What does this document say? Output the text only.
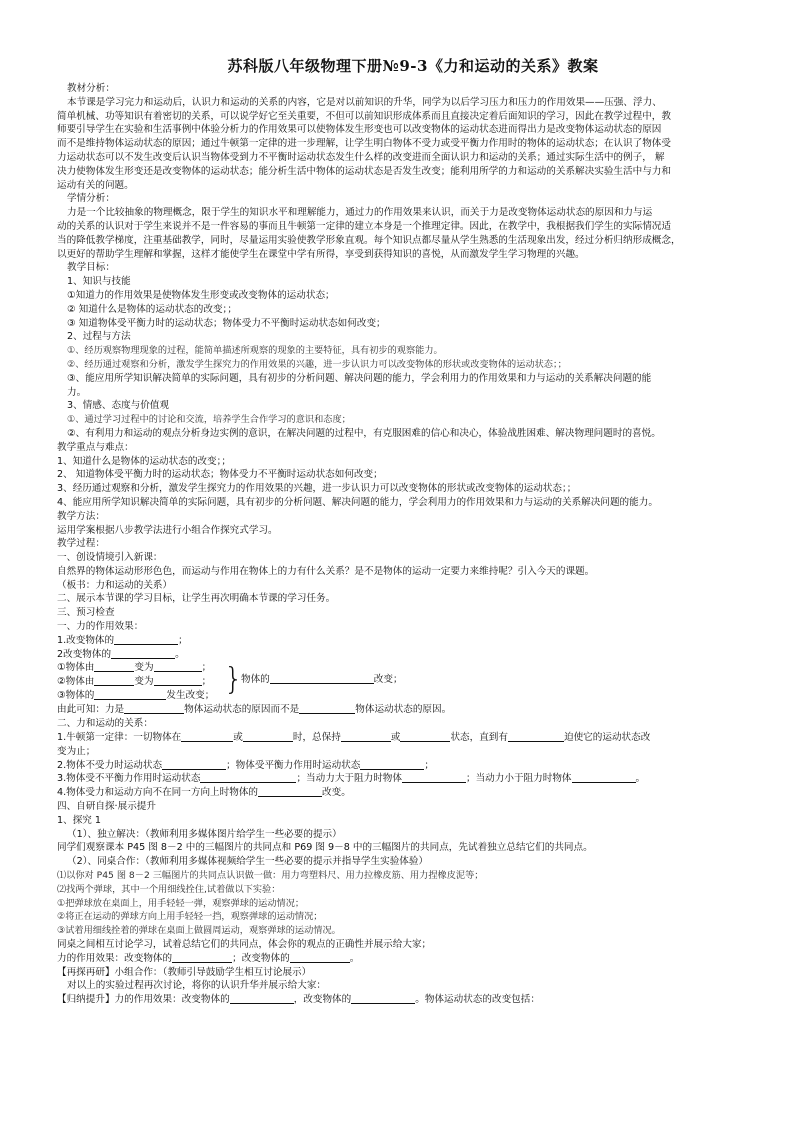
苏科版八年级物理下册№9-3《力和运动的关系》教案
教材分析：
本节课是学习完力和运动后，认识力和运动的关系的内容，它是对以前知识的升华，同学为以后学习压力和压力的作用效果——压强、浮力、
简单机械、功等知识有着密切的关系，可以说学好它至关重要，不但可以前知识形成体系而且直接决定着后面知识的学习，因此在教学过程中，教
师要引导学生在实验和生活事例中体验分析力的作用效果可以使物体发生形变也可以改变物体的运动状态进而得出力是改变物体运动状态的原因
而不是维持物体运动状态的原因；通过牛顿第一定律的进一步理解，让学生明白物体不受力或受平衡力作用时的物体的运动状态；在认识了物体受
力运动状态可以不发生改变后认识当物体受到力不平衡时运动状态发生什么样的改变进而全面认识力和运动的关系；通过实际生活中的例子， 解
决力使物体发生形变还是改变物体的运动状态；能分析生活中物体的运动状态是否发生改变；能利用所学的力和运动的关系解决实验生活中与力和
运动有关的问题。
学情分析：
力是一个比较抽象的物理概念，限于学生的知识水平和理解能力，通过力的作用效果来认识，而关于力是改变物体运动状态的原因和力与运
动的关系的认识对于学生来说并不是一件容易的事而且牛顿第一定律的建立本身是一个推理定律。因此，在教学中，我根据我们学生的实际情况适
当的降低教学梯度，注重基础教学，同时，尽量运用实验使教学形象直观。每个知识点都尽量从学生熟悉的生活现象出发，经过分析归纳形成概念，
以更好的帮助学生理解和掌握，这样才能使学生在课堂中学有所得，享受到获得知识的喜悦，从而激发学生学习物理的兴趣。
教学目标：
1、知识与技能
①知道力的作用效果是使物体发生形变或改变物体的运动状态；
② 知道什么是物体的运动状态的改变；；
③ 知道物体受平衡力时的运动状态；物体受力不平衡时运动状态如何改变；
2、过程与方法
①、经历观察物理现象的过程，能简单描述所观察的现象的主要特征，具有初步的观察能力。
②、经历通过观察和分析，激发学生探究力的作用效果的兴趣，进一步认识力可以改变物体的形状或改变物体的运动状态；；
③、能应用所学知识解决简单的实际问题，具有初步的分析问题、解决问题的能力，学会利用力的作用效果和力与运动的关系解决问题的能
力。
3、情感、态度与价值观
①、通过学习过程中的讨论和交流，培养学生合作学习的意识和态度；
②、有利用力和运动的观点分析身边实例的意识，在解决问题的过程中，有克服困难的信心和决心，体验战胜困难、解决物理问题时的喜悦。
教学重点与难点：
1、知道什么是物体的运动状态的改变；；
2、 知道物体受平衡力时的运动状态；物体受力不平衡时运动状态如何改变；
3、经历通过观察和分析，激发学生探究力的作用效果的兴趣，进一步认识力可以改变物体的形状或改变物体的运动状态；；
4、能应用所学知识解决简单的实际问题，具有初步的分析问题、解决问题的能力，学会利用力的作用效果和力与运动的关系解决问题的能力。
教学方法：
运用学案根据八步教学法进行小组合作探究式学习。
教学过程：
一、创设情境引入新课：
自然界的物体运动形形色色，而运动与作用在物体上的力有什么关系？是不是物体的运动一定要力来维持呢？引入今天的课题。
（板书：力和运动的关系）
二、展示本节课的学习目标，让学生再次明确本节课的学习任务。
三、预习检查
一、力的作用效果：
1.改变物体的	；
2改变物体的	。
①物体由	变为	；
②物体由	变为	；
③物体的	发生改变； }
物体的	改变；
由此可知：力是	物体运动状态的原因而不是	物体运动状态的原因。
二、力和运动的关系：
1.牛顿第一定律：一切物体在	或	时，总保持	或	状态，直到有	迫使它的运动状态改
变为止；
2.物体不受力时运动状态	；物体受平衡力作用时运动状态	；
3.物体受不平衡力作用时运动状态	；当动力大于阻力时物体	；当动力小于阻力时物体	。
4.物体受力和运动方向不在同一方向上时物体的	改变。
四、自研自探·展示提升
1、探究 1
（1）、独立解决：（教师利用多媒体图片给学生一些必要的提示）
同学们观察课本 P45 图 8－2 中的三幅图片的共同点和 P69 图 9－8 中的三幅图片的共同点，先试着独立总结它们的共同点。
（2）、同桌合作：（教师利用多媒体视频给学生一些必要的提示并指导学生实验体验）
⑴以你对 P45 图 8－2 三幅图片的共同点认识做一做：用力弯塑料尺、用力拉橡皮筋、用力捏橡皮泥等；
⑵找两个弹球，其中一个用细线拴住,试着做以下实验：
①把弹球放在桌面上，用手轻轻一弹，观察弹球的运动情况；
②将正在运动的弹球方向上用手轻轻一挡，观察弹球的运动情况；
③试着用细线拴着的弹球在桌面上做圆周运动，观察弹球的运动情况。
同桌之间相互讨论学习，试着总结它们的共同点，体会你的观点的正确性并展示给大家；
力的作用效果：改变物体的	；改变物体的	。
【再探再研】小组合作：（教师引导鼓励学生相互讨论展示）
对以上的实验过程再次讨论，将你的认识升华并展示给大家：
【归纳提升】力的作用效果：改变物体的	，改变物体的	。物体运动状态的改变包括：
